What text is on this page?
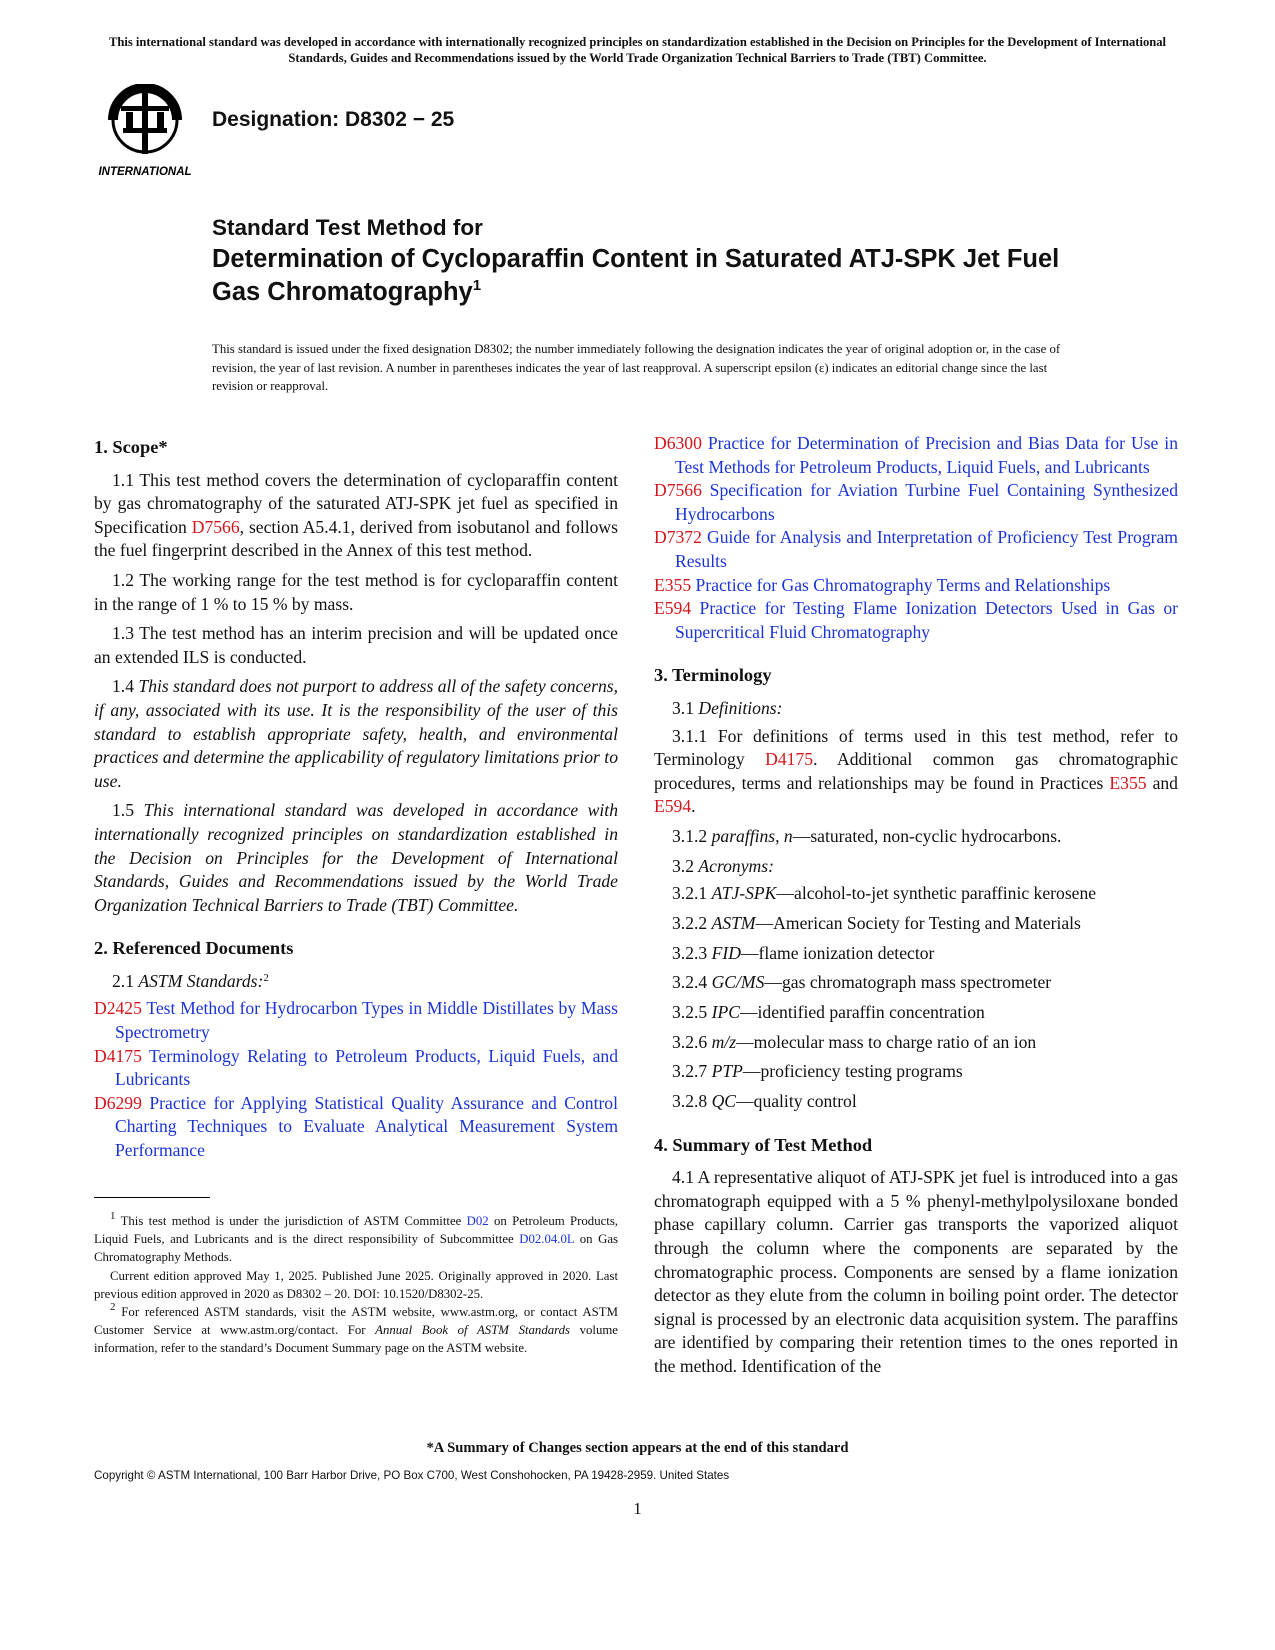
This international standard was developed in accordance with internationally recognized principles on standardization established in the Decision on Principles for the Development of International Standards, Guides and Recommendations issued by the World Trade Organization Technical Barriers to Trade (TBT) Committee.
INTERNATIONAL
Designation: D8302 − 25
Standard Test Method for
Determination of Cycloparaffin Content in Saturated ATJ-SPK Jet Fuel Gas Chromatography$^1$
This standard is issued under the fixed designation D8302; the number immediately following the designation indicates the year of original adoption or, in the case of revision, the year of last revision. A number in parentheses indicates the year of last reapproval. A superscript epsilon (ε) indicates an editorial change since the last revision or reapproval.

1. Scope*

1.1 This test method covers the determination of cycloparaffin content by gas chromatography of the saturated ATJ-SPK jet fuel as specified in Specification D7566, section A5.4.1, derived from isobutanol and follows the fuel fingerprint described in the Annex of this test method.

1.2 The working range for the test method is for cycloparaffin content in the range of 1 % to 15 % by mass.

1.3 The test method has an interim precision and will be updated once an extended ILS is conducted.

1.4 This standard does not purport to address all of the safety concerns, if any, associated with its use. It is the responsibility of the user of this standard to establish appropriate safety, health, and environmental practices and determine the applicability of regulatory limitations prior to use.

1.5 This international standard was developed in accordance with internationally recognized principles on standardization established in the Decision on Principles for the Development of International Standards, Guides and Recommendations issued by the World Trade Organization Technical Barriers to Trade (TBT) Committee.

2. Referenced Documents

2.1 ASTM Standards:$^2$

D2425 Test Method for Hydrocarbon Types in Middle Distillates by Mass Spectrometry

D4175 Terminology Relating to Petroleum Products, Liquid Fuels, and Lubricants

D6299 Practice for Applying Statistical Quality Assurance and Control Charting Techniques to Evaluate Analytical Measurement System Performance

$^1$ This test method is under the jurisdiction of ASTM Committee D02 on Petroleum Products, Liquid Fuels, and Lubricants and is the direct responsibility of Subcommittee D02.04.0L on Gas Chromatography Methods.

Current edition approved May 1, 2025. Published June 2025. Originally approved in 2020. Last previous edition approved in 2020 as D8302 – 20. DOI: 10.1520/D8302-25.

$^2$ For referenced ASTM standards, visit the ASTM website, www.astm.org, or contact ASTM Customer Service at www.astm.org/contact. For Annual Book of ASTM Standards volume information, refer to the standard’s Document Summary page on the ASTM website.

D6300 Practice for Determination of Precision and Bias Data for Use in Test Methods for Petroleum Products, Liquid Fuels, and Lubricants

D7566 Specification for Aviation Turbine Fuel Containing Synthesized Hydrocarbons

D7372 Guide for Analysis and Interpretation of Proficiency Test Program Results

E355 Practice for Gas Chromatography Terms and Relationships

E594 Practice for Testing Flame Ionization Detectors Used in Gas or Supercritical Fluid Chromatography

3. Terminology

3.1 Definitions:

3.1.1 For definitions of terms used in this test method, refer to Terminology D4175. Additional common gas chromatographic procedures, terms and relationships may be found in Practices E355 and E594.

3.1.2 paraffins, n—saturated, non-cyclic hydrocarbons.

3.2 Acronyms:

3.2.1 ATJ-SPK—alcohol-to-jet synthetic paraffinic kerosene

3.2.2 ASTM—American Society for Testing and Materials

3.2.3 FID—flame ionization detector

3.2.4 GC/MS—gas chromatograph mass spectrometer

3.2.5 IPC—identified paraffin concentration

3.2.6 m/z—molecular mass to charge ratio of an ion

3.2.7 PTP—proficiency testing programs

3.2.8 QC—quality control

4. Summary of Test Method

4.1 A representative aliquot of ATJ-SPK jet fuel is introduced into a gas chromatograph equipped with a 5 % phenyl-methylpolysiloxane bonded phase capillary column. Carrier gas transports the vaporized aliquot through the column where the components are separated by the chromatographic process. Components are sensed by a flame ionization detector as they elute from the column in boiling point order. The detector signal is processed by an electronic data acquisition system. The paraffins are identified by comparing their retention times to the ones reported in the method. Identification of the

*A Summary of Changes section appears at the end of this standard
Copyright © ASTM International, 100 Barr Harbor Drive, PO Box C700, West Conshohocken, PA 19428-2959. United States
1
